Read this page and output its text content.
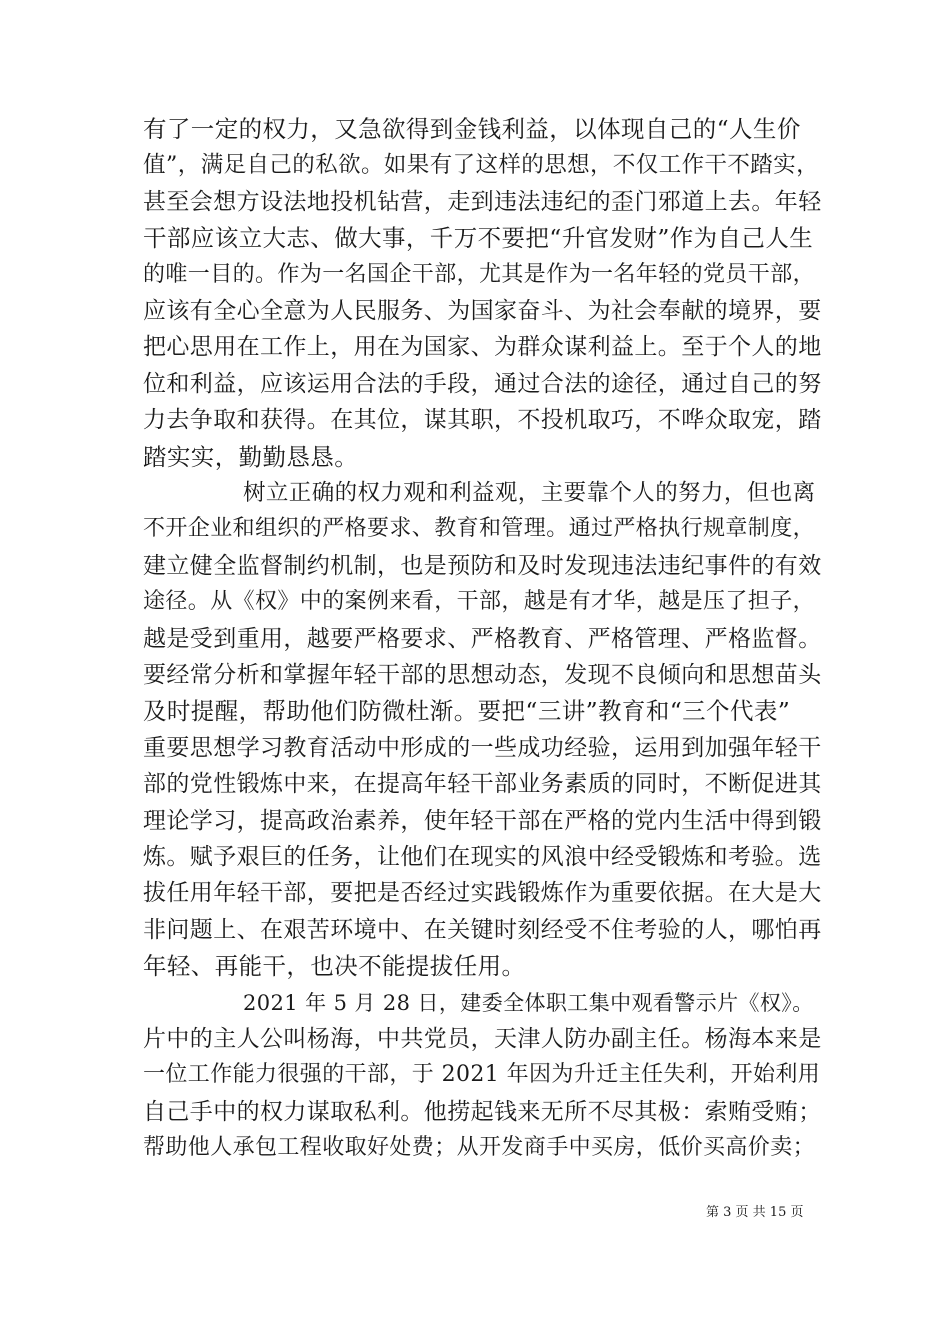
有了一定的权力，又急欲得到金钱利益，以体现自己的“人生价
值”，满足自己的私欲。如果有了这样的思想，不仅工作干不踏实，
甚至会想方设法地投机钻营，走到违法违纪的歪门邪道上去。年轻
干部应该立大志、做大事，千万不要把“升官发财”作为自己人生
的唯一目的。作为一名国企干部，尤其是作为一名年轻的党员干部，
应该有全心全意为人民服务、为国家奋斗、为社会奉献的境界，要
把心思用在工作上，用在为国家、为群众谋利益上。至于个人的地
位和利益，应该运用合法的手段，通过合法的途径，通过自己的努
力去争取和获得。在其位，谋其职，不投机取巧，不哗众取宠，踏
踏实实，勤勤恳恳。
树立正确的权力观和利益观，主要靠个人的努力，但也离
不开企业和组织的严格要求、教育和管理。通过严格执行规章制度，
建立健全监督制约机制，也是预防和及时发现违法违纪事件的有效
途径。从《权》中的案例来看，干部，越是有才华，越是压了担子，
越是受到重用，越要严格要求、严格教育、严格管理、严格监督。
要经常分析和掌握年轻干部的思想动态，发现不良倾向和思想苗头
及时提醒，帮助他们防微杜渐。要把“三讲”教育和“三个代表”
重要思想学习教育活动中形成的一些成功经验，运用到加强年轻干
部的党性锻炼中来，在提高年轻干部业务素质的同时，不断促进其
理论学习，提高政治素养，使年轻干部在严格的党内生活中得到锻
炼。赋予艰巨的任务，让他们在现实的风浪中经受锻炼和考验。选
拔任用年轻干部，要把是否经过实践锻炼作为重要依据。在大是大
非问题上、在艰苦环境中、在关键时刻经受不住考验的人，哪怕再
年轻、再能干，也决不能提拔任用。
2021 年 5 月 28 日，建委全体职工集中观看警示片《权》。
片中的主人公叫杨海，中共党员，天津人防办副主任。杨海本来是
一位工作能力很强的干部，于 2021 年因为升迁主任失利，开始利用
自己手中的权力谋取私利。他捞起钱来无所不尽其极：索贿受贿；
帮助他人承包工程收取好处费；从开发商手中买房，低价买高价卖；
第 3 页 共 15 页
